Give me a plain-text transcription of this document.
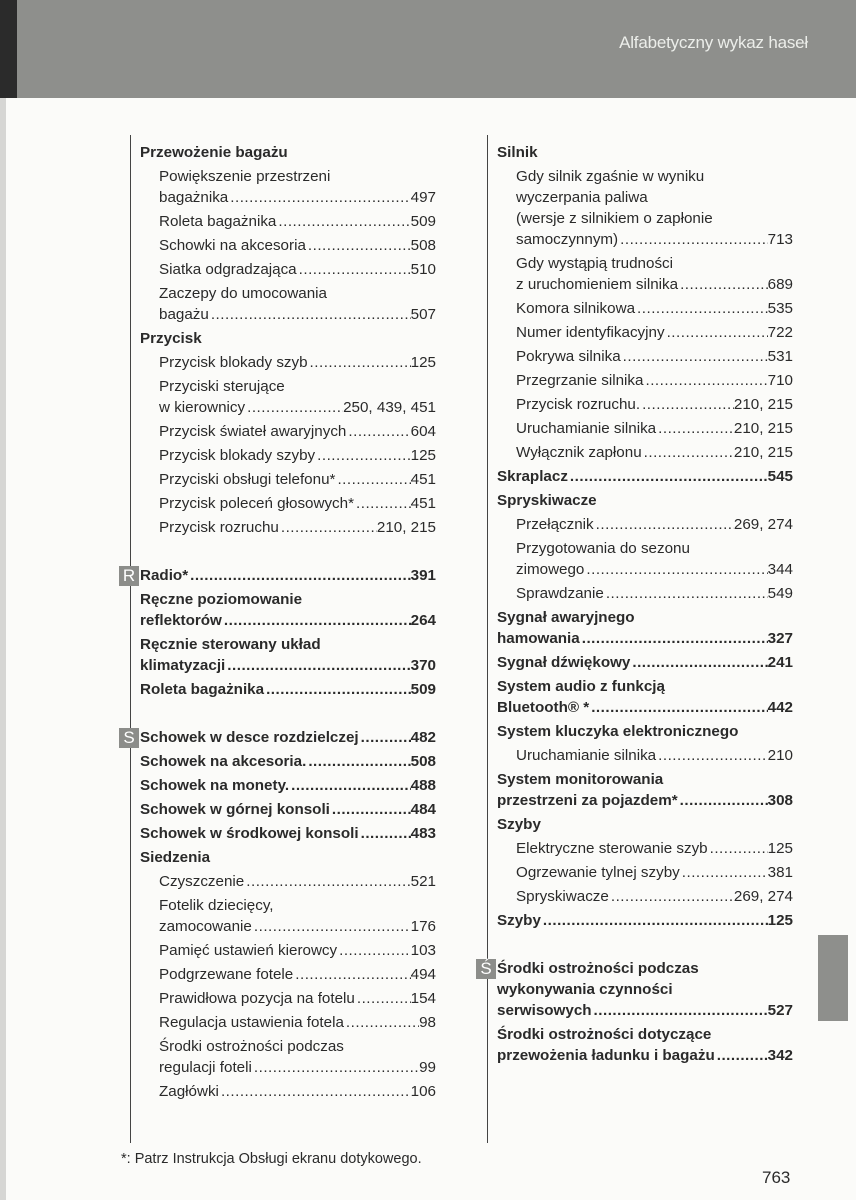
Alfabetyczny wykaz haseł
Przewożenie bagażu
Powiększenie przestrzeni
bagażnika .....	497
Roleta bagażnika .....	509
Schowki na akcesoria .....	508
Siatka odgradzająca .....	510
Zaczepy do umocowania
bagażu .....	507
Przycisk
Przycisk blokady szyb .....	125
Przyciski sterujące
w kierownicy .....	250, 439, 451
Przycisk świateł awaryjnych .....	604
Przycisk blokady szyby .....	125
Przyciski obsługi telefonu* .....	451
Przycisk poleceń głosowych* .....	451
Przycisk rozruchu .....	210, 215
R Radio* .....	391
Ręczne poziomowanie
reflektorów .....	264
Ręcznie sterowany układ
klimatyzacji .....	370
Roleta bagażnika .....	509
S Schowek w desce rozdzielczej .....	482
Schowek na akcesoria. .....	508
Schowek na monety. .....	488
Schowek w górnej konsoli .....	484
Schowek w środkowej konsoli .....	483
Siedzenia
Czyszczenie .....	521
Fotelik dziecięcy,
zamocowanie .....	176
Pamięć ustawień kierowcy .....	103
Podgrzewane fotele .....	494
Prawidłowa pozycja na fotelu .....	154
Regulacja ustawienia fotela .....	98
Środki ostrożności podczas
regulacji foteli .....	99
Zagłówki .....	106
Silnik
Gdy silnik zgaśnie w wyniku
wyczerpania paliwa
(wersje z silnikiem o zapłonie
samoczynnym) .....	713
Gdy wystąpią trudności
z uruchomieniem silnika .....	689
Komora silnikowa .....	535
Numer identyfikacyjny .....	722
Pokrywa silnika .....	531
Przegrzanie silnika .....	710
Przycisk rozruchu. .....	210, 215
Uruchamianie silnika .....	210, 215
Wyłącznik zapłonu .....	210, 215
Skraplacz .....	545
Spryskiwacze
Przełącznik .....	269, 274
Przygotowania do sezonu
zimowego .....	344
Sprawdzanie .....	549
Sygnał awaryjnego
hamowania .....	327
Sygnał dźwiękowy .....	241
System audio z funkcją
Bluetooth® * .....	442
System kluczyka elektronicznego
Uruchamianie silnika .....	210
System monitorowania
przestrzeni za pojazdem* .....	308
Szyby
Elektryczne sterowanie szyb .....	125
Ogrzewanie tylnej szyby .....	381
Spryskiwacze .....	269, 274
Szyby .....	125
Ś Środki ostrożności podczas
wykonywania czynności
serwisowych .....	527
Środki ostrożności dotyczące
przewożenia ładunku i bagażu .....	342
*: Patrz Instrukcja Obsługi ekranu dotykowego.
763
